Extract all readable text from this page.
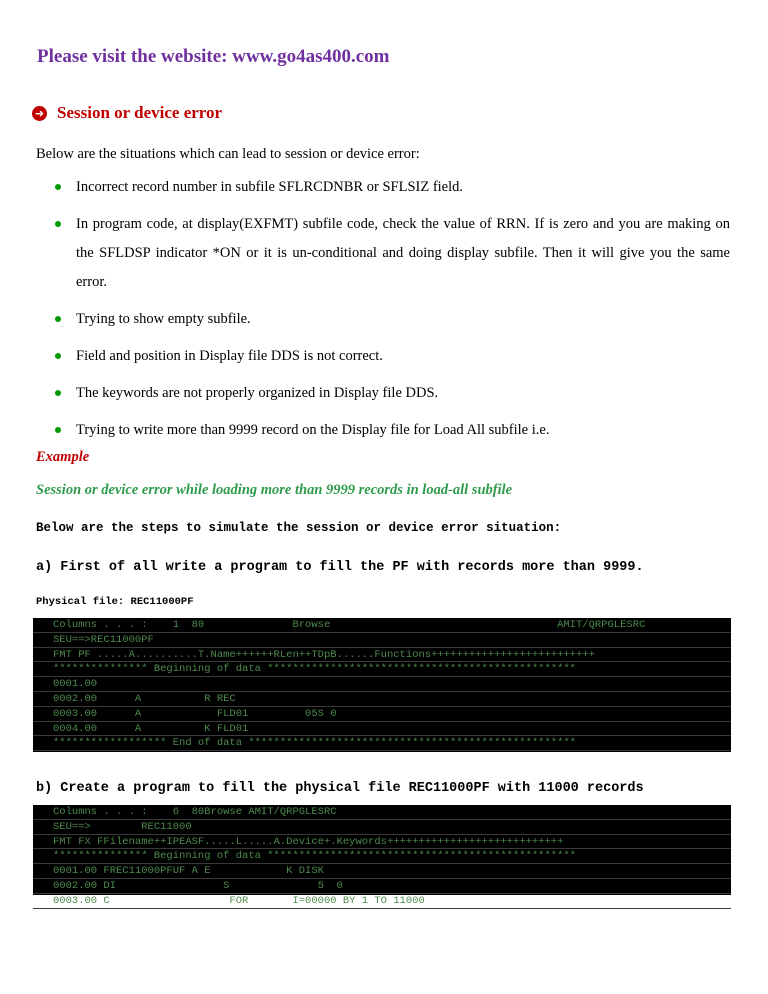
Please visit the website: www.go4as400.com
➜ Session or device error
Below are the situations which can lead to session or device error:
Incorrect record number in subfile SFLRCDNBR or SFLSIZ field.
In program code, at display(EXFMT) subfile code, check the value of RRN. If is zero and you are making on the SFLDSP indicator *ON or it is un-conditional and doing display subfile. Then it will give you the same error.
Trying to show empty subfile.
Field and position in Display file DDS is not correct.
The keywords are not properly organized in Display file DDS.
Trying to write more than 9999 record on the Display file for Load All subfile i.e.
Example
Session or device error while loading more than 9999 records in load-all subfile
Below are the steps to simulate the session or device error situation:
a) First of all write a program to fill the PF with records more than 9999.
Physical file: REC11000PF
Columns . . . :    1  80              Browse                                    AMIT/QRPGLESRC
SEU==>REC11000PF
FMT PF .....A..........T.Name++++++RLen++TDpB......Functions++++++++++++++++++++++++++
*************** Beginning of data *************************************************
0001.00
0002.00      A          R REC
0003.00      A            FLD01         05S 0
0004.00      A          K FLD01
****************** End of data ****************************************************
b) Create a program to fill the physical file REC11000PF with 11000 records
Columns . . . :    6  80Browse AMIT/QRPGLESRC
SEU==>        REC11000
FMT FX FFilename++IPEASF.....L.....A.Device+.Keywords++++++++++++++++++++++++++++
*************** Beginning of data *************************************************
0001.00 FREC11000PFUF A E            K DISK
0002.00 DI                 S              5  0
0003.00 C                   FOR       I=00000 BY 1 TO 11000
